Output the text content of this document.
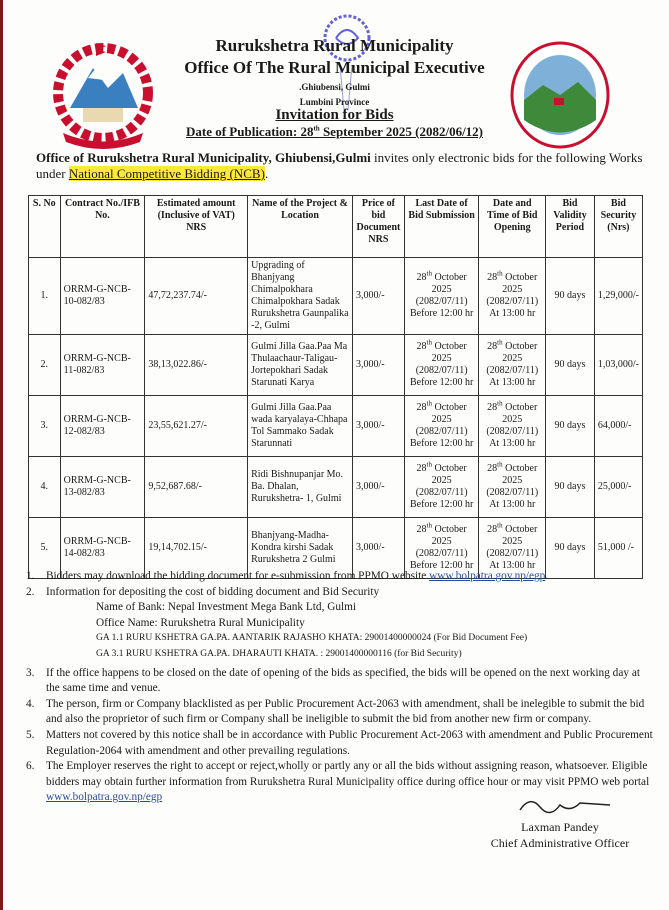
Rurukshetra Rural Municipality
Office Of The Rural Municipal Executive
.Ghiubensi, Gulmi
Lumbini Province
Invitation for Bids
Date of Publication: 28th September 2025 (2082/06/12)
Office of Rurukshetra Rural Municipality, Ghiubensi,Gulmi invites only electronic bids for the following Works under National Competitive Bidding (NCB).
S. No	Contract No./IFB No.	Estimated amount (Inclusive of VAT) NRS	Name of the Project & Location	Price of bid Document NRS	Last Date of Bid Submission	Date and Time of Bid Opening	Bid Validity Period	Bid Security (Nrs)
1.	ORRM-G-NCB-10-082/83	47,72,237.74/-	Upgrading of Bhanjyang Chimalpokhara Chimalpokhara Sadak Rurukshetra Gaunpalika -2, Gulmi	3,000/-	28th October 2025 (2082/07/11) Before 12:00 hr	28th October 2025 (2082/07/11) At 13:00 hr	90 days	1,29,000/-
2.	ORRM-G-NCB-11-082/83	38,13,022.86/-	Gulmi Jilla Gaa.Paa Ma Thulaachaur-Taligau-Jortepokhari Sadak Starunati Karya	3,000/-	28th October 2025 (2082/07/11) Before 12:00 hr	28th October 2025 (2082/07/11) At 13:00 hr	90 days	1,03,000/-
3.	ORRM-G-NCB-12-082/83	23,55,621.27/-	Gulmi Jilla Gaa.Paa wada karyalaya-Chhapa Tol Sammako Sadak Starunnati	3,000/-	28th October 2025 (2082/07/11) Before 12:00 hr	28th October 2025 (2082/07/11) At 13:00 hr	90 days	64,000/-
4.	ORRM-G-NCB-13-082/83	9,52,687.68/-	Ridi Bishnupanjar Mo. Ba. Dhalan, Rurukshetra- 1, Gulmi	3,000/-	28th October 2025 (2082/07/11) Before 12:00 hr	28th October 2025 (2082/07/11) At 13:00 hr	90 days	25,000/-
5.	ORRM-G-NCB-14-082/83	19,14,702.15/-	Bhanjyang-Madha-Kondra kirshi Sadak Rurukshetra 2 Gulmi	3,000/-	28th October 2025 (2082/07/11) Before 12:00 hr	28th October 2025 (2082/07/11) At 13:00 hr	90 days	51,000 /-
1.	Bidders may download the bidding document for e-submission from PPMO website www.bolpatra.gov.np/egp.
2.	Information for depositing the cost of bidding document and Bid Security
Name of Bank: Nepal Investment Mega Bank Ltd, Gulmi
Office Name: Rurukshetra Rural Municipality
GA 1.1 RURU KSHETRA GA.PA. AANTARIK RAJASHO KHATA: 29001400000024 (For Bid Document Fee)
GA 3.1 RURU KSHETRA GA.PA. DHARAUTI KHATA. : 29001400000116 (for Bid Security)
3.	If the office happens to be closed on the date of opening of the bids as specified, the bids will be opened on the next working day at the same time and venue.
4.	The person, firm or Company blacklisted as per Public Procurement Act-2063 with amendment, shall be inelegible to submit the bid and also the proprietor of such firm or Company shall be ineligible to submit the bid from another new firm or company.
5.	Matters not covered by this notice shall be in accordance with Public Procurement Act-2063 with amendment and Public Procurement Regulation-2064 with amendment and other prevailing regulations.
6.	The Employer reserves the right to accept or reject,wholly or partly any or all the bids without assigning reason, whatsoever. Eligible bidders may obtain further information from Rurukshetra Rural Municipality office during office hour or may visit PPMO web portal www.bolpatra.gov.np/egp
Laxman Pandey
Chief Administrative Officer
